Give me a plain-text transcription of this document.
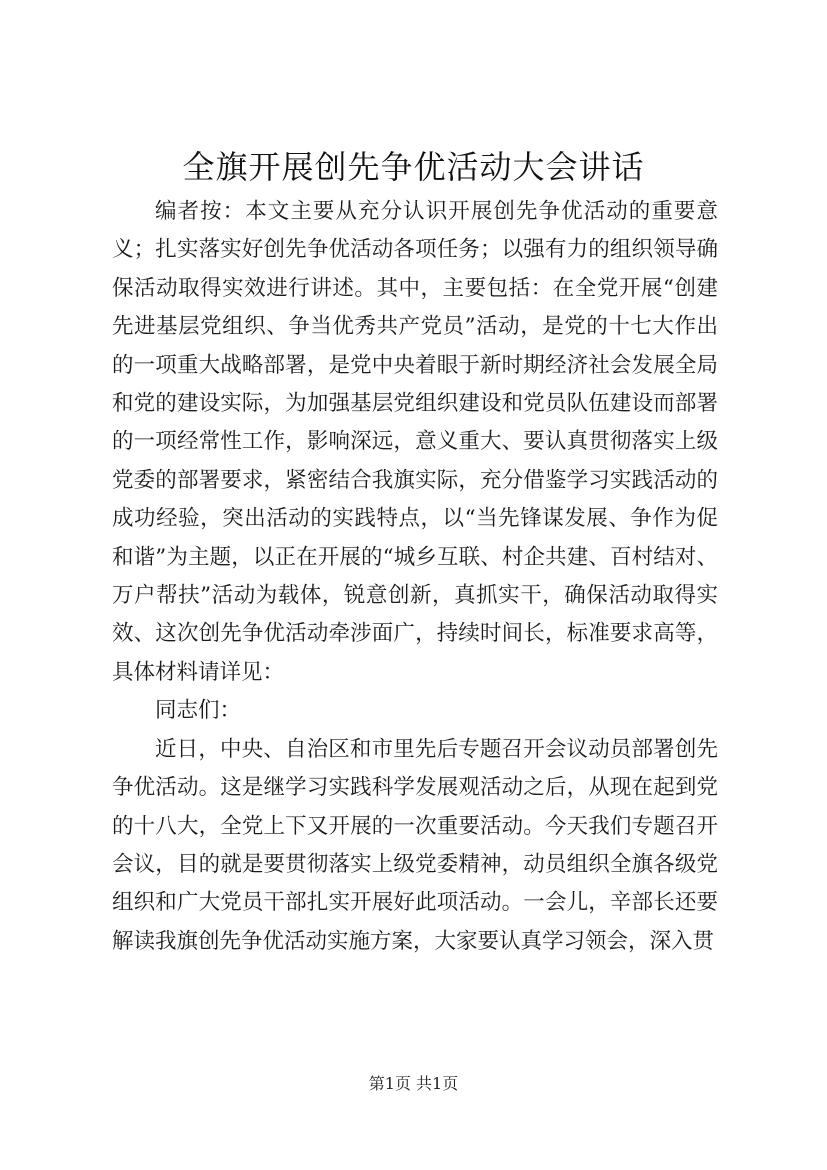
全旗开展创先争优活动大会讲话

编者按：本文主要从充分认识开展创先争优活动的重要意义；扎实落实好创先争优活动各项任务；以强有力的组织领导确保活动取得实效进行讲述。其中，主要包括：在全党开展“创建先进基层党组织、争当优秀共产党员”活动，是党的十七大作出的一项重大战略部署，是党中央着眼于新时期经济社会发展全局和党的建设实际，为加强基层党组织建设和党员队伍建设而部署的一项经常性工作，影响深远，意义重大、要认真贯彻落实上级党委的部署要求，紧密结合我旗实际，充分借鉴学习实践活动的成功经验，突出活动的实践特点，以“当先锋谋发展、争作为促和谐”为主题，以正在开展的“城乡互联、村企共建、百村结对、万户帮扶”活动为载体，锐意创新，真抓实干，确保活动取得实效、这次创先争优活动牵涉面广，持续时间长，标准要求高等，具体材料请详见：

同志们：

近日，中央、自治区和市里先后专题召开会议动员部署创先争优活动。这是继学习实践科学发展观活动之后，从现在起到党的十八大，全党上下又开展的一次重要活动。今天我们专题召开会议，目的就是要贯彻落实上级党委精神，动员组织全旗各级党组织和广大党员干部扎实开展好此项活动。一会儿，辛部长还要解读我旗创先争优活动实施方案，大家要认真学习领会，深入贯

第1页 共1页
